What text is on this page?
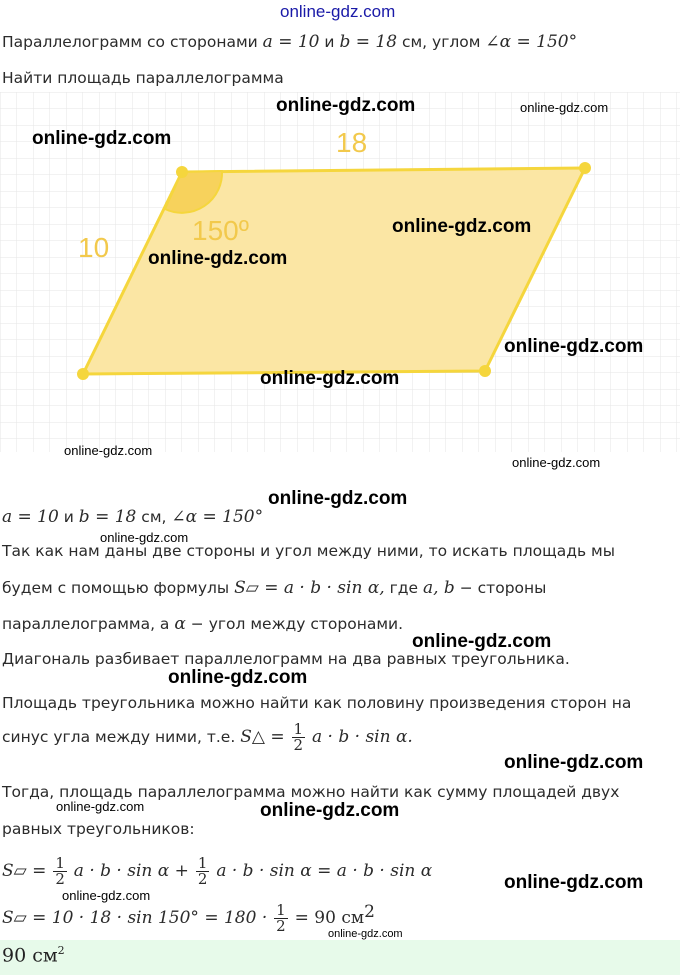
online-gdz.com
Параллелограмм со сторонами a = 10 и b = 18 см, углом ∠α = 150°
Найти площадь параллелограмма
18
10
150º
online-gdz.com	online-gdz.com
online-gdz.com
online-gdz.com
online-gdz.com
online-gdz.com
online-gdz.com
online-gdz.com
online-gdz.com
online-gdz.com
a = 10 и b = 18 см, ∠α = 150°
online-gdz.com
Так как нам даны две стороны и угол между ними, то искать площадь мы
будем с помощью формулы S▱ = a · b · sin α, где a, b − стороны
параллелограмма, а α − угол между сторонами.
online-gdz.com
Диагональ разбивает параллелограмм на два равных треугольника.
online-gdz.com
Площадь треугольника можно найти как половину произведения сторон на
синус угла между ними, т.е. S△ = $\frac{1}{2}$ a · b · sin α.
online-gdz.com
Тогда, площадь параллелограмма можно найти как сумму площадей двух
online-gdz.com	online-gdz.com
равных треугольников:
S▱ = $\frac{1}{2}$ $a \cdot b \cdot \sin \alpha + \frac{1}{2}$ a · b · sin α = a · b · sin α
online-gdz.com
online-gdz.com
S▱ = $10 \cdot 18 \cdot \sin 150^\circ = 180 \cdot \frac{1}{2} = 90$ $см^2$
online-gdz.com
90 $см^2$
